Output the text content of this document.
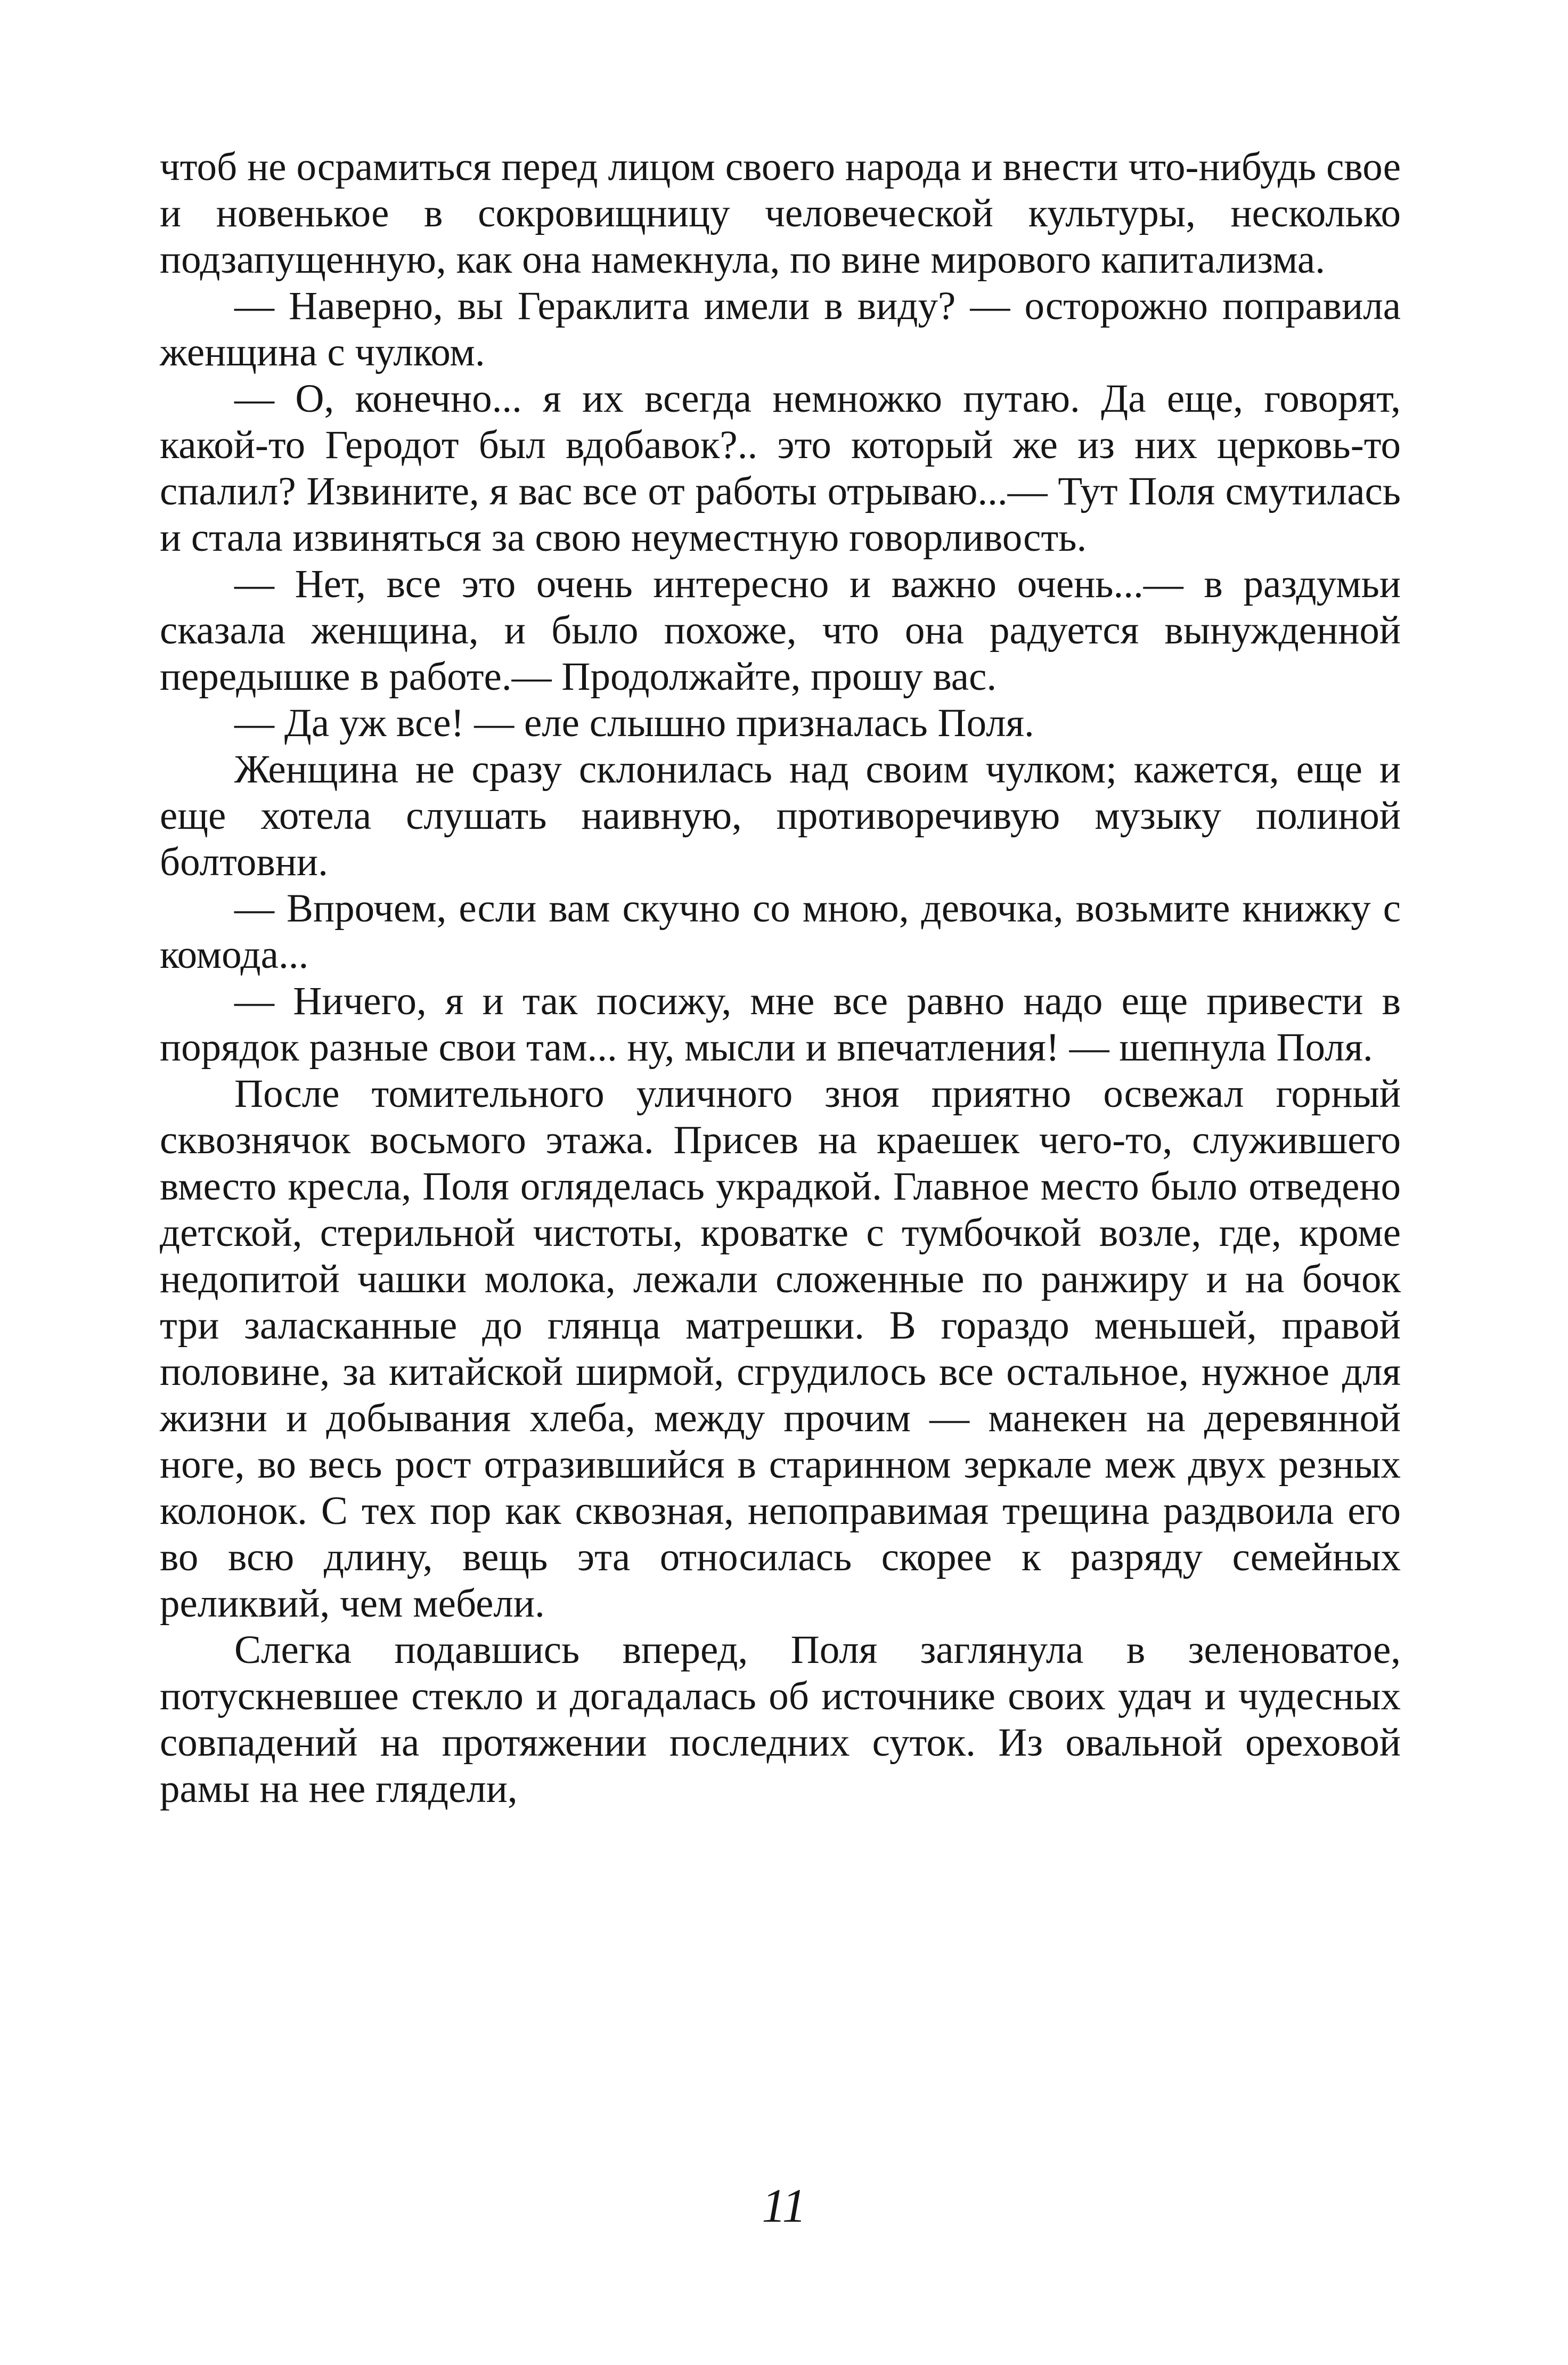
чтоб не осрамиться перед лицом своего народа и внести что-нибудь свое и новенькое в сокровищницу человеческой культуры, несколько подзапущенную, как она намекнула, по вине мирового капитализма.

— Наверно, вы Гераклита имели в виду? — осторожно поправила женщина с чулком.

— О, конечно... я их всегда немножко путаю. Да еще, говорят, какой-то Геродот был вдобавок?.. это который же из них церковь-то спалил? Извините, я вас все от работы отрываю...— Тут Поля смутилась и стала извиняться за свою неуместную говорливость.

— Нет, все это очень интересно и важно очень...— в раздумьи сказала женщина, и было похоже, что она радуется вынужденной передышке в работе.— Продолжайте, прошу вас.

— Да уж все! — еле слышно призналась Поля.

Женщина не сразу склонилась над своим чулком; кажется, еще и еще хотела слушать наивную, противоречивую музыку полиной болтовни.

— Впрочем, если вам скучно со мною, девочка, возьмите книжку с комода...

— Ничего, я и так посижу, мне все равно надо еще привести в порядок разные свои там... ну, мысли и впечатления! — шепнула Поля.

После томительного уличного зноя приятно освежал горный сквознячок восьмого этажа. Присев на краешек чего-то, служившего вместо кресла, Поля огляделась украдкой. Главное место было отведено детской, стерильной чистоты, кроватке с тумбочкой возле, где, кроме недопитой чашки молока, лежали сложенные по ранжиру и на бочок три заласканные до глянца матрешки. В гораздо меньшей, правой половине, за китайской ширмой, сгрудилось все остальное, нужное для жизни и добывания хлеба, между прочим — манекен на деревянной ноге, во весь рост отразившийся в старинном зеркале меж двух резных колонок. С тех пор как сквозная, непоправимая трещина раздвоила его во всю длину, вещь эта относилась скорее к разряду семейных реликвий, чем мебели.

Слегка подавшись вперед, Поля заглянула в зеленоватое, потускневшее стекло и догадалась об источнике своих удач и чудесных совпадений на протяжении последних суток. Из овальной ореховой рамы на нее глядели,

11
